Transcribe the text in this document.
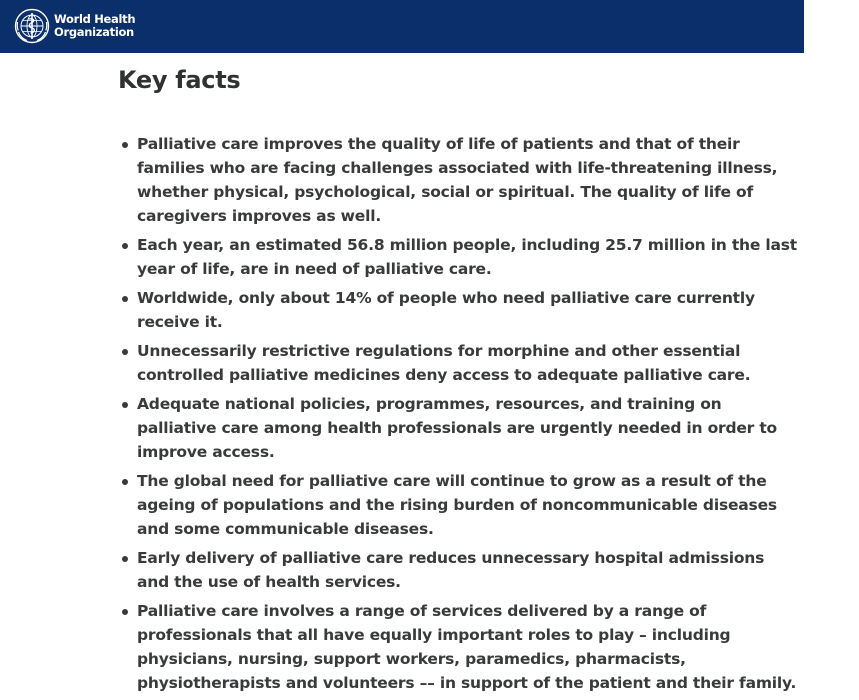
World Health
Organization
Key facts
Palliative care improves the quality of life of patients and that of their families who are facing challenges associated with life-threatening illness, whether physical, psychological, social or spiritual. The quality of life of caregivers improves as well.
Each year, an estimated 56.8 million people, including 25.7 million in the last year of life, are in need of palliative care.
Worldwide, only about 14% of people who need palliative care currently receive it.
Unnecessarily restrictive regulations for morphine and other essential controlled palliative medicines deny access to adequate palliative care.
Adequate national policies, programmes, resources, and training on palliative care among health professionals are urgently needed in order to improve access.
The global need for palliative care will continue to grow as a result of the ageing of populations and the rising burden of noncommunicable diseases and some communicable diseases.
Early delivery of palliative care reduces unnecessary hospital admissions and the use of health services.
Palliative care involves a range of services delivered by a range of professionals that all have equally important roles to play – including physicians, nursing, support workers, paramedics, pharmacists, physiotherapists and volunteers –– in support of the patient and their family.
